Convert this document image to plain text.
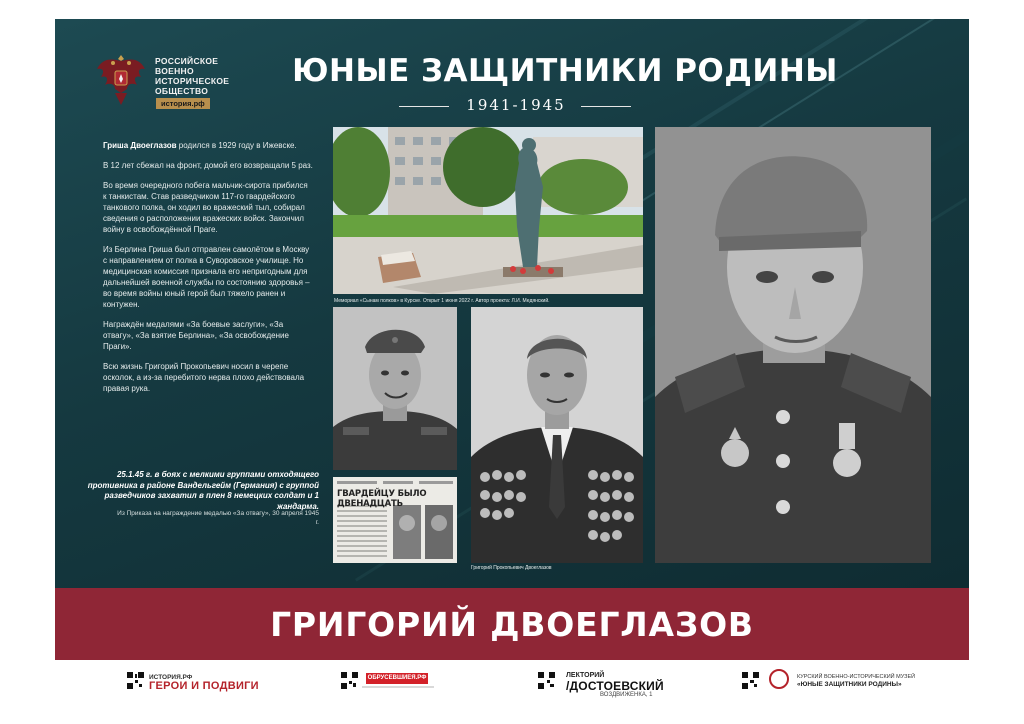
РОССИЙСКОЕ
ВОЕННО
ИСТОРИЧЕСКОЕ
ОБЩЕСТВО
история.рф
ЮНЫЕ ЗАЩИТНИКИ РОДИНЫ
1941-1945

Гриша Двоеглазов родился в 1929 году в Ижевске.

В 12 лет сбежал на фронт, домой его возвращали 5 раз.

Во время очередного побега мальчик-сирота прибился к танкистам. Став разведчиком 117-го гвардейского танкового полка, он ходил во вражеский тыл, собирал сведения о расположении вражеских войск. Закончил войну в освобождённой Праге.

Из Берлина Гриша был отправлен самолётом в Москву с направлением от полка в Суворовское училище. Но медицинская комиссия признала его непригодным для дальнейшей военной службы по состоянию здоровья – во время войны юный герой был тяжело ранен и контужен.

Награждён медалями «За боевые заслуги», «За отвагу», «За взятие Берлина», «За освобождение Праги».

Всю жизнь Григорий Прокопьевич носил в черепе осколок, а из-за перебитого нерва плохо действовала правая рука.

25.1.45 г. в боях с мелкими группами отходящего противника в районе Вандельгейм (Германия) с группой разведчиков захватил в плен 8 немецких солдат и 1 жандарма.
Из Приказа на награждение медалью «За отвагу», 30 апреля 1945 г.
Мемориал «Сынам полков» в Курске. Открыт 1 июня 2022 г. Автор проекта: Л.И. Медянский.
ГВАРДЕЙЦУ БЫЛО ДВЕНАДЦАТЬ
Григорий Прокопьевич Двоеглазов
ГРИГОРИЙ ДВОЕГЛАЗОВ
ИСТОРИЯ.РФ
ГЕРОИ И ПОДВИГИ
ОБРУСЕВШИЕЯ.РФ	ЛЕКТОРИЙ
/ДОСТОЕВСКИЙ
ВОЗДВИЖЕНКА, 1
КУРСКИЙ ВОЕННО-ИСТОРИЧЕСКИЙ МУЗЕЙ
«ЮНЫЕ ЗАЩИТНИКИ РОДИНЫ»
